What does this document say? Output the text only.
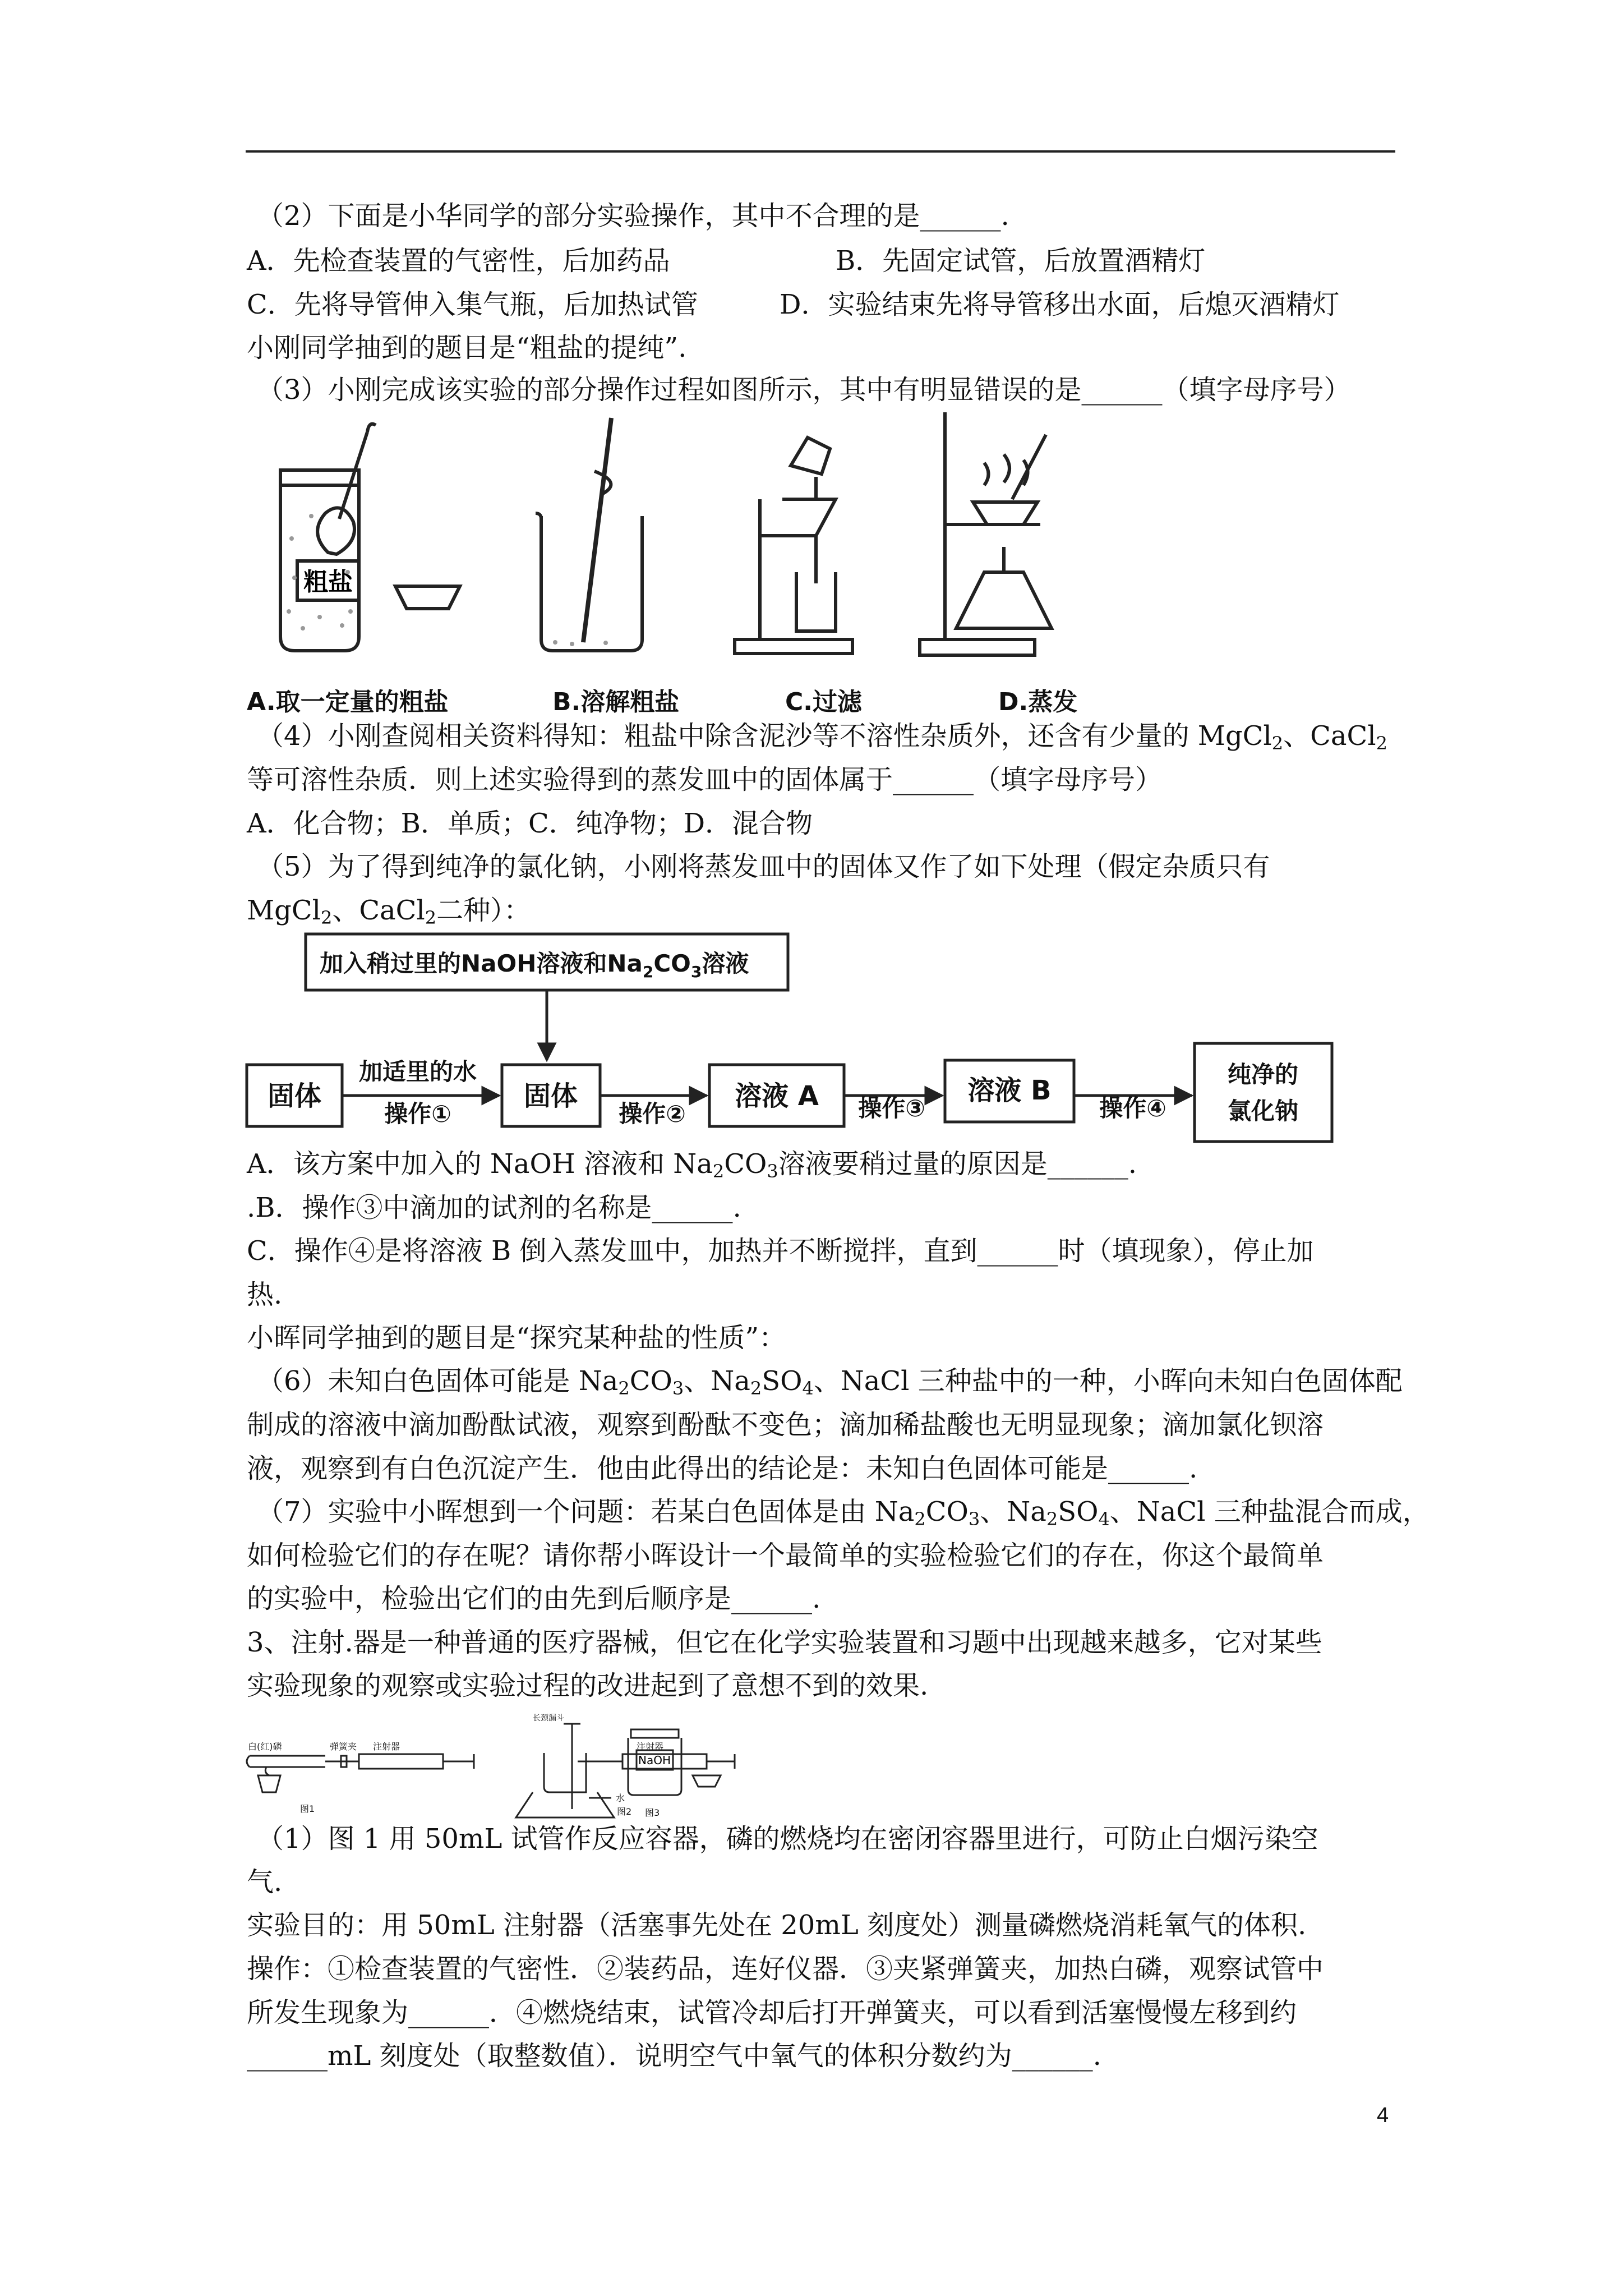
（2）下面是小华同学的部分实验操作，其中不合理的是______.
A．先检查装置的气密性，后加药品	B．先固定试管，后放置酒精灯
C．先将导管伸入集气瓶，后加热试管	D．实验结束先将导管移出水面，后熄灭酒精灯
小刚同学抽到的题目是“粗盐的提纯”.
（3）小刚完成该实验的部分操作过程如图所示，其中有明显错误的是______（填字母序号）
粗盐
A.取一定量的粗盐	B.溶解粗盐	C.过滤	D.蒸发
（4）小刚查阅相关资料得知：粗盐中除含泥沙等不溶性杂质外，还含有少量的 MgCl$_2$、CaCl$_2$
等可溶性杂质．则上述实验得到的蒸发皿中的固体属于______（填字母序号）
A．化合物；B．单质；C．纯净物；D．混合物
（5）为了得到纯净的氯化钠，小刚将蒸发皿中的固体又作了如下处理（假定杂质只有
MgCl$_2$、CaCl$_2$二种）：
加入稍过里的NaOH溶液和$Na_2CO_3$溶液
固体
加适里的水
操作①
固体
操作②
溶液 A 操作③
溶液 B
操作④
纯净的
氯化钠
A．该方案中加入的 NaOH 溶液和 $Na_2CO_3$溶液要稍过量的原因是______.
.B．操作③中滴加的试剂的名称是______.
C．操作④是将溶液 B 倒入蒸发皿中，加热并不断搅拌，直到______时（填现象），停止加
热.
小晖同学抽到的题目是“探究某种盐的性质”：
（6）未知白色固体可能是 $Na_2CO_3$、$Na_2SO_4$、NaCl 三种盐中的一种，小晖向未知白色固体配
制成的溶液中滴加酚酞试液，观察到酚酞不变色；滴加稀盐酸也无明显现象；滴加氯化钡溶
液，观察到有白色沉淀产生．他由此得出的结论是：未知白色固体可能是______.
（7）实验中小晖想到一个问题：若某白色固体是由 $Na_2CO_3$、$Na_2SO_4$、NaCl 三种盐混合而成，
如何检验它们的存在呢？请你帮小晖设计一个最简单的实验检验它们的存在，你这个最简单
的实验中，检验出它们的由先到后顺序是______.
3、注射.器是一种普通的医疗器械，但它在化学实验装置和习题中出现越来越多，它对某些
实验现象的观察或实验过程的改进起到了意想不到的效果.
白(红)磷	弹簧夹 注射器
长颈漏斗
注射器
水
图1	图2
NaOH
图3
（1）图 1 用 50mL 试管作反应容器，磷的燃烧均在密闭容器里进行，可防止白烟污染空
气.
实验目的：用 50mL 注射器（活塞事先处在 20mL 刻度处）测量磷燃烧消耗氧气的体积.
操作：①检查装置的气密性．②装药品，连好仪器．③夹紧弹簧夹，加热白磷，观察试管中
所发生现象为______．④燃烧结束，试管冷却后打开弹簧夹，可以看到活塞慢慢左移到约
______mL 刻度处（取整数值）．说明空气中氧气的体积分数约为______.
4
